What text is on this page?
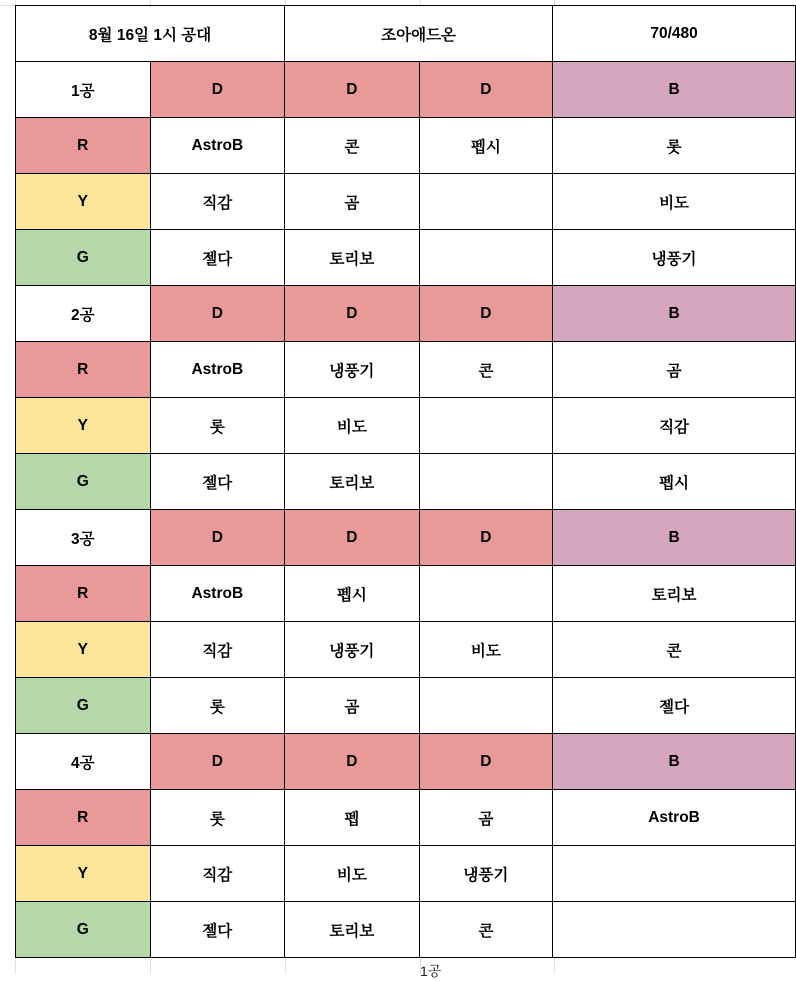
8월 16일 1시 공대		조아애드온		70/480
1공	D	D	D	B
R	AstroB	콘	펩시	롯
Y	직감	곰		비도
G	젤다	토리보		냉풍기
2공	D	D	D	B
R	AstroB	냉풍기	콘	곰
Y	롯	비도		직감
G	젤다	토리보		펩시
3공	D	D	D	B
R	AstroB	펩시		토리보
Y	직감	냉풍기	비도	콘
G	롯	곰		젤다
4공	D	D	D	B
R	롯	펩	곰	AstroB
Y	직감	비도	냉풍기	
G	젤다	토리보	콘	
1공
